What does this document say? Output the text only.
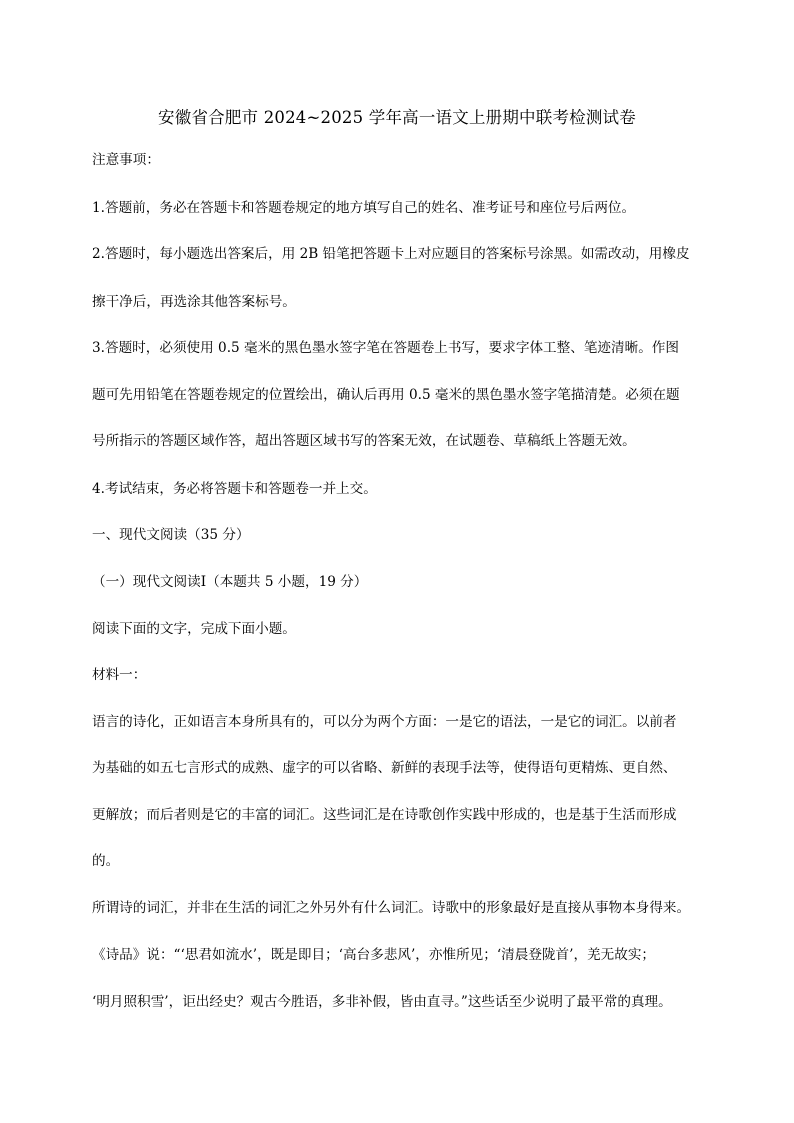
安徽省合肥市 2024~2025 学年高一语文上册期中联考检测试卷
注意事项：
1.答题前，务必在答题卡和答题卷规定的地方填写自己的姓名、准考证号和座位号后两位。
2.答题时，每小题选出答案后，用 2B 铅笔把答题卡上对应题目的答案标号涂黑。如需改动，用橡皮
擦干净后，再选涂其他答案标号。
3.答题时，必须使用 0.5 毫米的黑色墨水签字笔在答题卷上书写，要求字体工整、笔迹清晰。作图
题可先用铅笔在答题卷规定的位置绘出，确认后再用 0.5 毫米的黑色墨水签字笔描清楚。必须在题
号所指示的答题区域作答，超出答题区域书写的答案无效，在试题卷、草稿纸上答题无效。
4.考试结束，务必将答题卡和答题卷一并上交。
一、现代文阅读（35 分）
（一）现代文阅读Ⅰ（本题共 5 小题，19 分）
阅读下面的文字，完成下面小题。
材料一：
语言的诗化，正如语言本身所具有的，可以分为两个方面：一是它的语法，一是它的词汇。以前者
为基础的如五七言形式的成熟、虚字的可以省略、新鲜的表现手法等，使得语句更精炼、更自然、
更解放；而后者则是它的丰富的词汇。这些词汇是在诗歌创作实践中形成的，也是基于生活而形成
的。
所谓诗的词汇，并非在生活的词汇之外另外有什么词汇。诗歌中的形象最好是直接从事物本身得来。
《诗品》说：“‘思君如流水’，既是即目；‘高台多悲风’，亦惟所见；‘清晨登陇首’，羌无故实；
‘明月照积雪’，讵出经史？观古今胜语，多非补假，皆由直寻。”这些话至少说明了最平常的真理。
